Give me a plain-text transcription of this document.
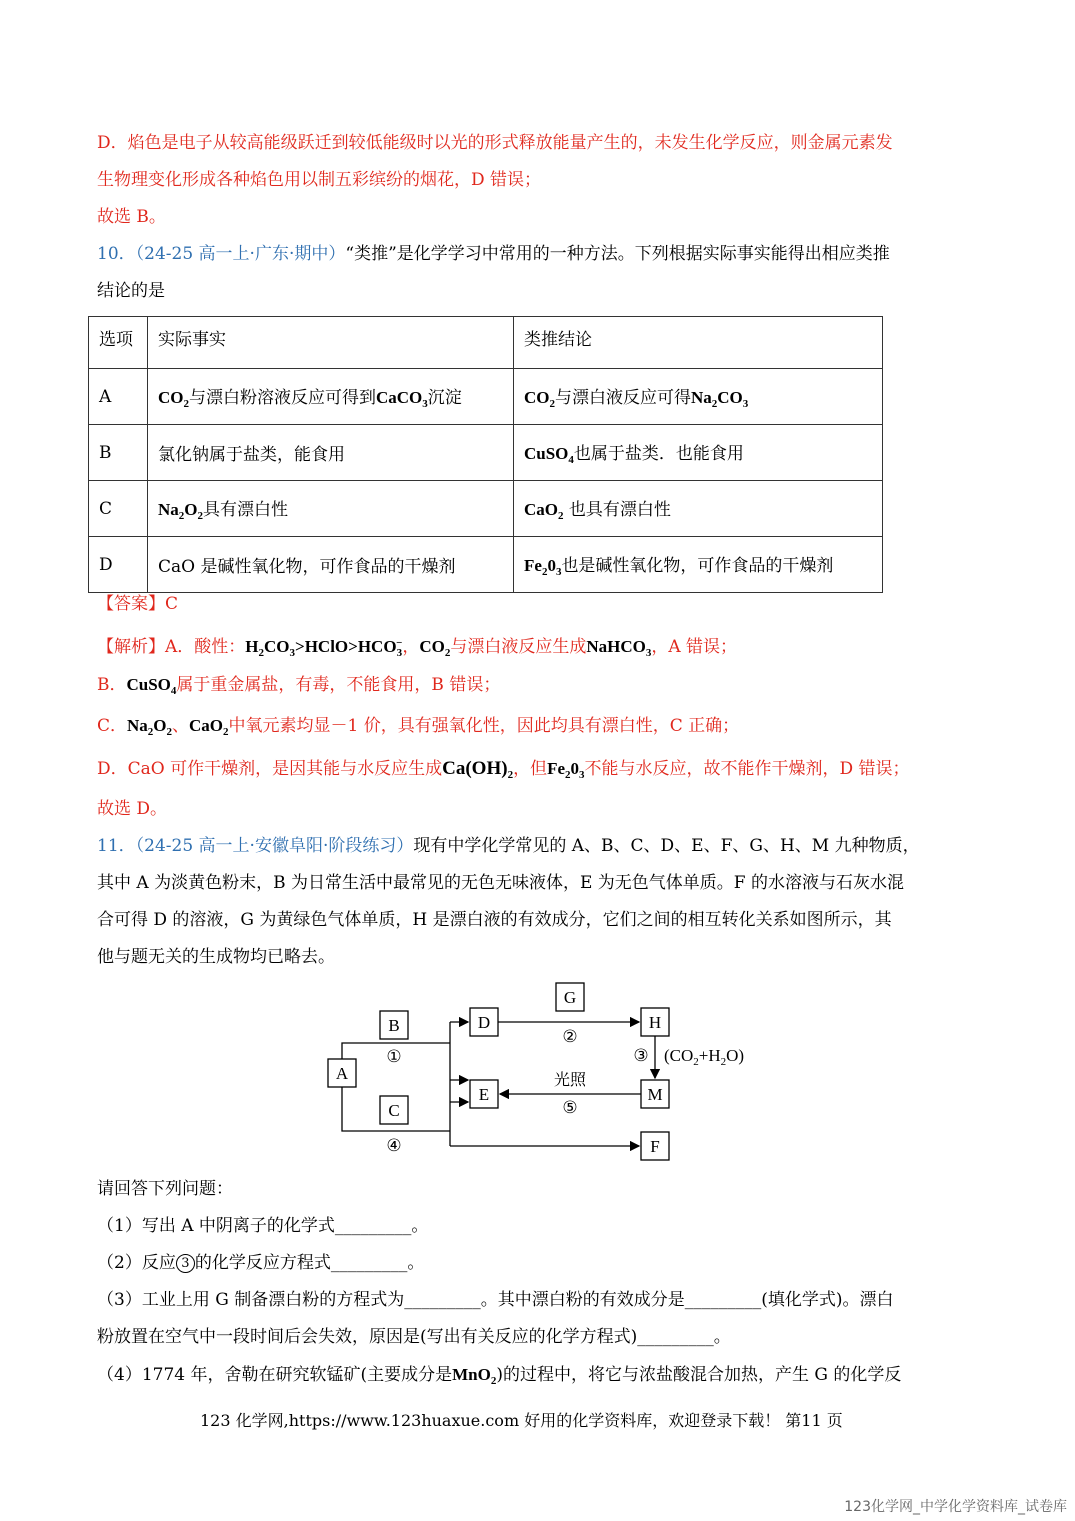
D．焰色是电子从较高能级跃迁到较低能级时以光的形式释放能量产生的，未发生化学反应，则金属元素发
生物理变化形成各种焰色用以制五彩缤纷的烟花，D 错误；
故选 B。
10．（24-25 高一上·广东·期中）“类推”是化学学习中常用的一种方法。下列根据实际事实能得出相应类推
结论的是
选项	实际事实	类推结论
A	$CO_2$与漂白粉溶液反应可得到CaCO$_3$沉淀	$CO_2$与漂白液反应可得$Na_2CO_3$
B	氯化钠属于盐类，能食用	CuSO$_4$也属于盐类．也能食用
C	$Na_2O_2$具有漂白性	CaO$_2$ 也具有漂白性
D	CaO 是碱性氧化物，可作食品的干燥剂	$Fe_20_3$也是碱性氧化物，可作食品的干燥剂
【答案】C
【解析】A．酸性：$H_2CO_3>HClO>HCO_3^-$，$CO_2$与漂白液反应生成NaHCO$_3$，A 错误；
B．CuSO$_4$属于重金属盐，有毒，不能食用，B 错误；
C．$Na_2O_2$、CaO$_2$中氧元素均显－1 价，具有强氧化性，因此均具有漂白性，C 正确；
D．CaO 可作干燥剂，是因其能与水反应生成$Ca(OH)_2$，但$Fe_20_3$不能与水反应，故不能作干燥剂，D 错误；
故选 D。
11．（24-25 高一上·安徽阜阳·阶段练习）现有中学化学常见的 A、B、C、D、E、F、G、H、M 九种物质，
其中 A 为淡黄色粉末，B 为日常生活中最常见的无色无味液体，E 为无色气体单质。F 的水溶液与石灰水混
合可得 D 的溶液，G 为黄绿色气体单质，H 是漂白液的有效成分，它们之间的相互转化关系如图所示，其
他与题无关的生成物均已略去。
A
B
C
D
E
F
G
H
M
①
②
③
④
⑤
光照
$(CO_2+H_2O)$
请回答下列问题：
（1）写出 A 中阴离子的化学式_________。
（2）反应 3 的化学反应方程式_________。
（3）工业上用 G 制备漂白粉的方程式为_________。其中漂白粉的有效成分是_________(填化学式)。漂白
粉放置在空气中一段时间后会失效，原因是(写出有关反应的化学方程式)_________。
（4）1774 年，舍勒在研究软锰矿(主要成分是MnO$_2$)的过程中，将它与浓盐酸混合加热，产生 G 的化学反
123 化学网,https://www.123huaxue.com 好用的化学资料库，欢迎登录下载！ 第11 页
123化学网_中学化学资料库_试卷库
